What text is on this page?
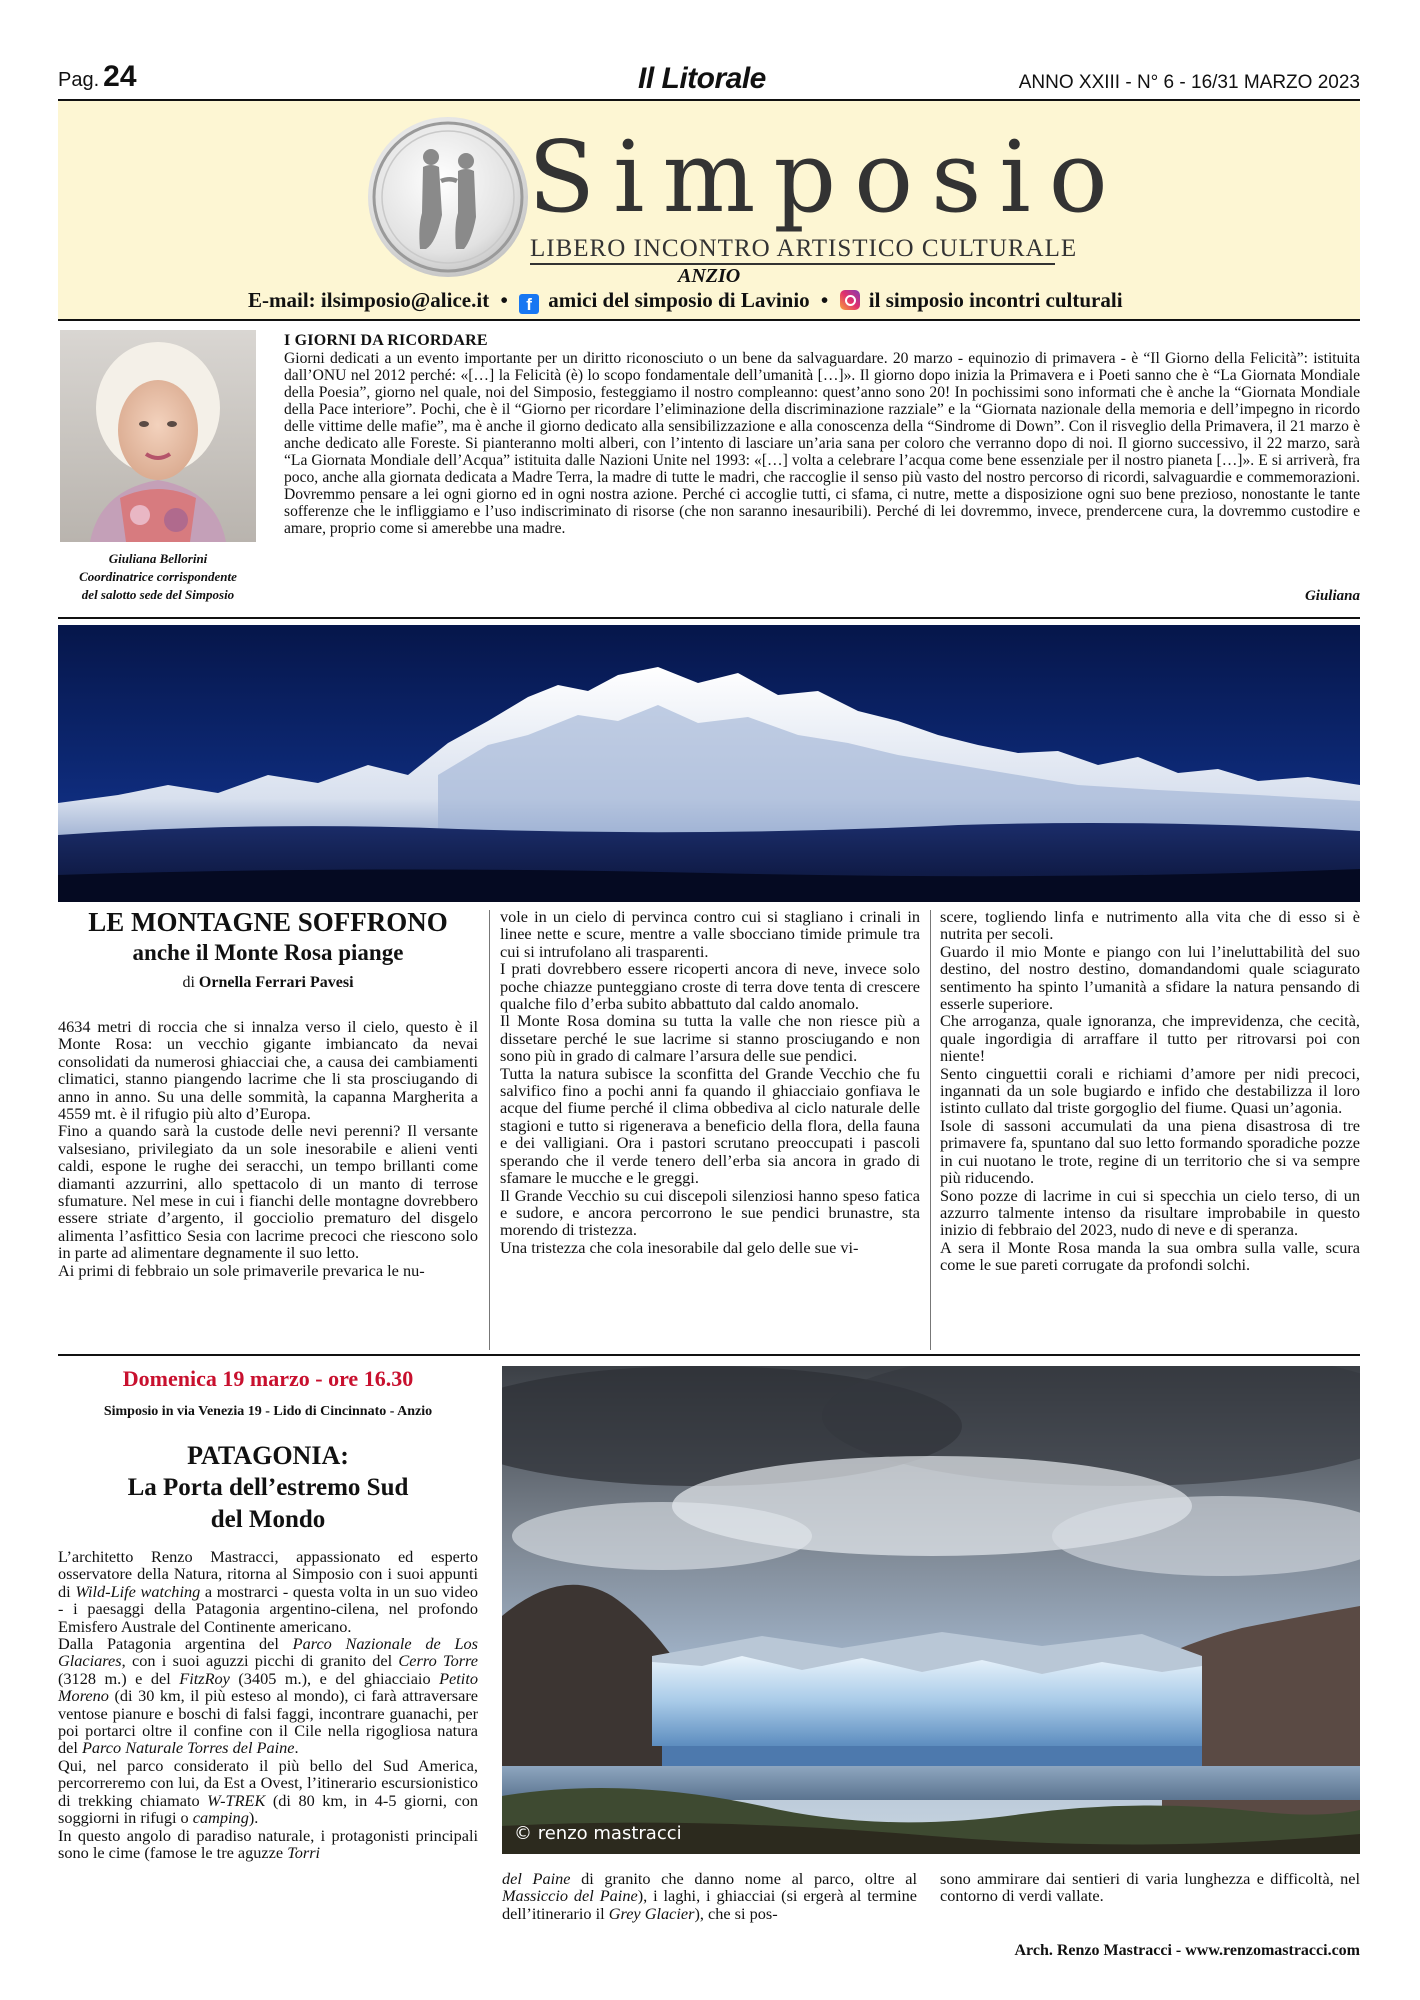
Pag. 24	Il Litorale	ANNO XXIII - N° 6 - 16/31 MARZO 2023
Simposio
LIBERO INCONTRO ARTISTICO CULTURALE
ANZIO
E-mail: ilsimposio@alice.it • f amici del simposio di Lavinio • il simposio incontri culturali
Giuliana Bellorini
Coordinatrice corrispondente
del salotto sede del Simposio
I GIORNI DA RICORDARE

Giorni dedicati a un evento importante per un diritto riconosciuto o un bene da salvaguardare. 20 marzo - equinozio di primavera - è “Il Giorno della Felicità”: istituita dall’ONU nel 2012 perché: «[…] la Felicità (è) lo scopo fondamentale dell’umanità […]». Il giorno dopo inizia la Primavera e i Poeti sanno che è “La Giornata Mondiale della Poesia”, giorno nel quale, noi del Simposio, festeggiamo il nostro compleanno: quest’anno sono 20! In pochissimi sono informati che è anche la “Giornata Mondiale della Pace interiore”. Pochi, che è il “Giorno per ricordare l’eliminazione della discriminazione razziale” e la “Giornata nazionale della memoria e dell’impegno in ricordo delle vittime delle mafie”, ma è anche il giorno dedicato alla sensibilizzazione e alla conoscenza della “Sindrome di Down”. Con il risveglio della Primavera, il 21 marzo è anche dedicato alle Foreste. Si pianteranno molti alberi, con l’intento di lasciare un’aria sana per coloro che verranno dopo di noi. Il giorno successivo, il 22 marzo, sarà “La Giornata Mondiale dell’Acqua” istituita dalle Nazioni Unite nel 1993: «[…] volta a celebrare l’acqua come bene essenziale per il nostro pianeta […]». E si arriverà, fra poco, anche alla giornata dedicata a Madre Terra, la madre di tutte le madri, che raccoglie il senso più vasto del nostro percorso di ricordi, salvaguardie e commemorazioni. Dovremmo pensare a lei ogni giorno ed in ogni nostra azione. Perché ci accoglie tutti, ci sfama, ci nutre, mette a disposizione ogni suo bene prezioso, nonostante le tante sofferenze che le infliggiamo e l’uso indiscriminato di risorse (che non saranno inesauribili). Perché di lei dovremmo, invece, prendercene cura, la dovremmo custodire e amare, proprio come si amerebbe una madre.

Giuliana
LE MONTAGNE SOFFRONO
anche il Monte Rosa piange
di Ornella Ferrari Pavesi

4634 metri di roccia che si innalza verso il cielo, questo è il Monte Rosa: un vecchio gigante imbiancato da nevai consolidati da numerosi ghiacciai che, a causa dei cambiamenti climatici, stanno piangendo lacrime che li sta prosciugando di anno in anno. Su una delle sommità, la capanna Margherita a 4559 mt. è il rifugio più alto d’Europa.

Fino a quando sarà la custode delle nevi perenni? Il versante valsesiano, privilegiato da un sole inesorabile e alieni venti caldi, espone le rughe dei seracchi, un tempo brillanti come diamanti azzurrini, allo spettacolo di un manto di terrose sfumature. Nel mese in cui i fianchi delle montagne dovrebbero essere striate d’argento, il gocciolio prematuro del disgelo alimenta l’asfittico Sesia con lacrime precoci che riescono solo in parte ad alimentare degnamente il suo letto.

Ai primi di febbraio un sole primaverile prevarica le nu-

vole in un cielo di pervinca contro cui si stagliano i crinali in linee nette e scure, mentre a valle sbocciano timide primule tra cui si intrufolano ali trasparenti.

I prati dovrebbero essere ricoperti ancora di neve, invece solo poche chiazze punteggiano croste di terra dove tenta di crescere qualche filo d’erba subito abbattuto dal caldo anomalo.

Il Monte Rosa domina su tutta la valle che non riesce più a dissetare perché le sue lacrime si stanno prosciugando e non sono più in grado di calmare l’arsura delle sue pendici.

Tutta la natura subisce la sconfitta del Grande Vecchio che fu salvifico fino a pochi anni fa quando il ghiacciaio gonfiava le acque del fiume perché il clima obbediva al ciclo naturale delle stagioni e tutto si rigenerava a beneficio della flora, della fauna e dei valligiani. Ora i pastori scrutano preoccupati i pascoli sperando che il verde tenero dell’erba sia ancora in grado di sfamare le mucche e le greggi.

Il Grande Vecchio su cui discepoli silenziosi hanno speso fatica e sudore, e ancora percorrono le sue pendici brunastre, sta morendo di tristezza.

Una tristezza che cola inesorabile dal gelo delle sue vi-

scere, togliendo linfa e nutrimento alla vita che di esso si è nutrita per secoli.

Guardo il mio Monte e piango con lui l’ineluttabilità del suo destino, del nostro destino, domandandomi quale sciagurato sentimento ha spinto l’umanità a sfidare la natura pensando di esserle superiore.

Che arroganza, quale ignoranza, che imprevidenza, che cecità, quale ingordigia di arraffare il tutto per ritrovarsi poi con niente!

Sento cinguettii corali e richiami d’amore per nidi precoci, ingannati da un sole bugiardo e infido che destabilizza il loro istinto cullato dal triste gorgoglio del fiume. Quasi un’agonia.

Isole di sassoni accumulati da una piena disastrosa di tre primavere fa, spuntano dal suo letto formando sporadiche pozze in cui nuotano le trote, regine di un territorio che si va sempre più riducendo.

Sono pozze di lacrime in cui si specchia un cielo terso, di un azzurro talmente intenso da risultare improbabile in questo inizio di febbraio del 2023, nudo di neve e di speranza.

A sera il Monte Rosa manda la sua ombra sulla valle, scura come le sue pareti corrugate da profondi solchi.

Domenica 19 marzo - ore 16.30
Simposio in via Venezia 19 - Lido di Cincinnato - Anzio
PATAGONIA:
La Porta dell’estremo Sud
del Mondo

L’architetto Renzo Mastracci, appassionato ed esperto osservatore della Natura, ritorna al Simposio con i suoi appunti di Wild-Life watching a mostrarci - questa volta in un suo video - i paesaggi della Patagonia argentino-cilena, nel profondo Emisfero Australe del Continente americano.

Dalla Patagonia argentina del Parco Nazionale de Los Glaciares, con i suoi aguzzi picchi di granito del Cerro Torre (3128 m.) e del FitzRoy (3405 m.), e del ghiacciaio Petito Moreno (di 30 km, il più esteso al mondo), ci farà attraversare ventose pianure e boschi di falsi faggi, incontrare guanachi, per poi portarci oltre il confine con il Cile nella rigogliosa natura del Parco Naturale Torres del Paine.

Qui, nel parco considerato il più bello del Sud America, percorreremo con lui, da Est a Ovest, l’itinerario escursionistico di trekking chiamato W-TREK (di 80 km, in 4-5 giorni, con soggiorni in rifugi o camping).

In questo angolo di paradiso naturale, i protagonisti principali sono le cime (famose le tre aguzze Torri

© renzo mastracci

del Paine di granito che danno nome al parco, oltre al Massiccio del Paine), i laghi, i ghiacciai (si ergerà al termine dell’itinerario il Grey Glacier), che si pos-

sono ammirare dai sentieri di varia lunghezza e difficoltà, nel contorno di verdi vallate.

Arch. Renzo Mastracci - www.renzomastracci.com
